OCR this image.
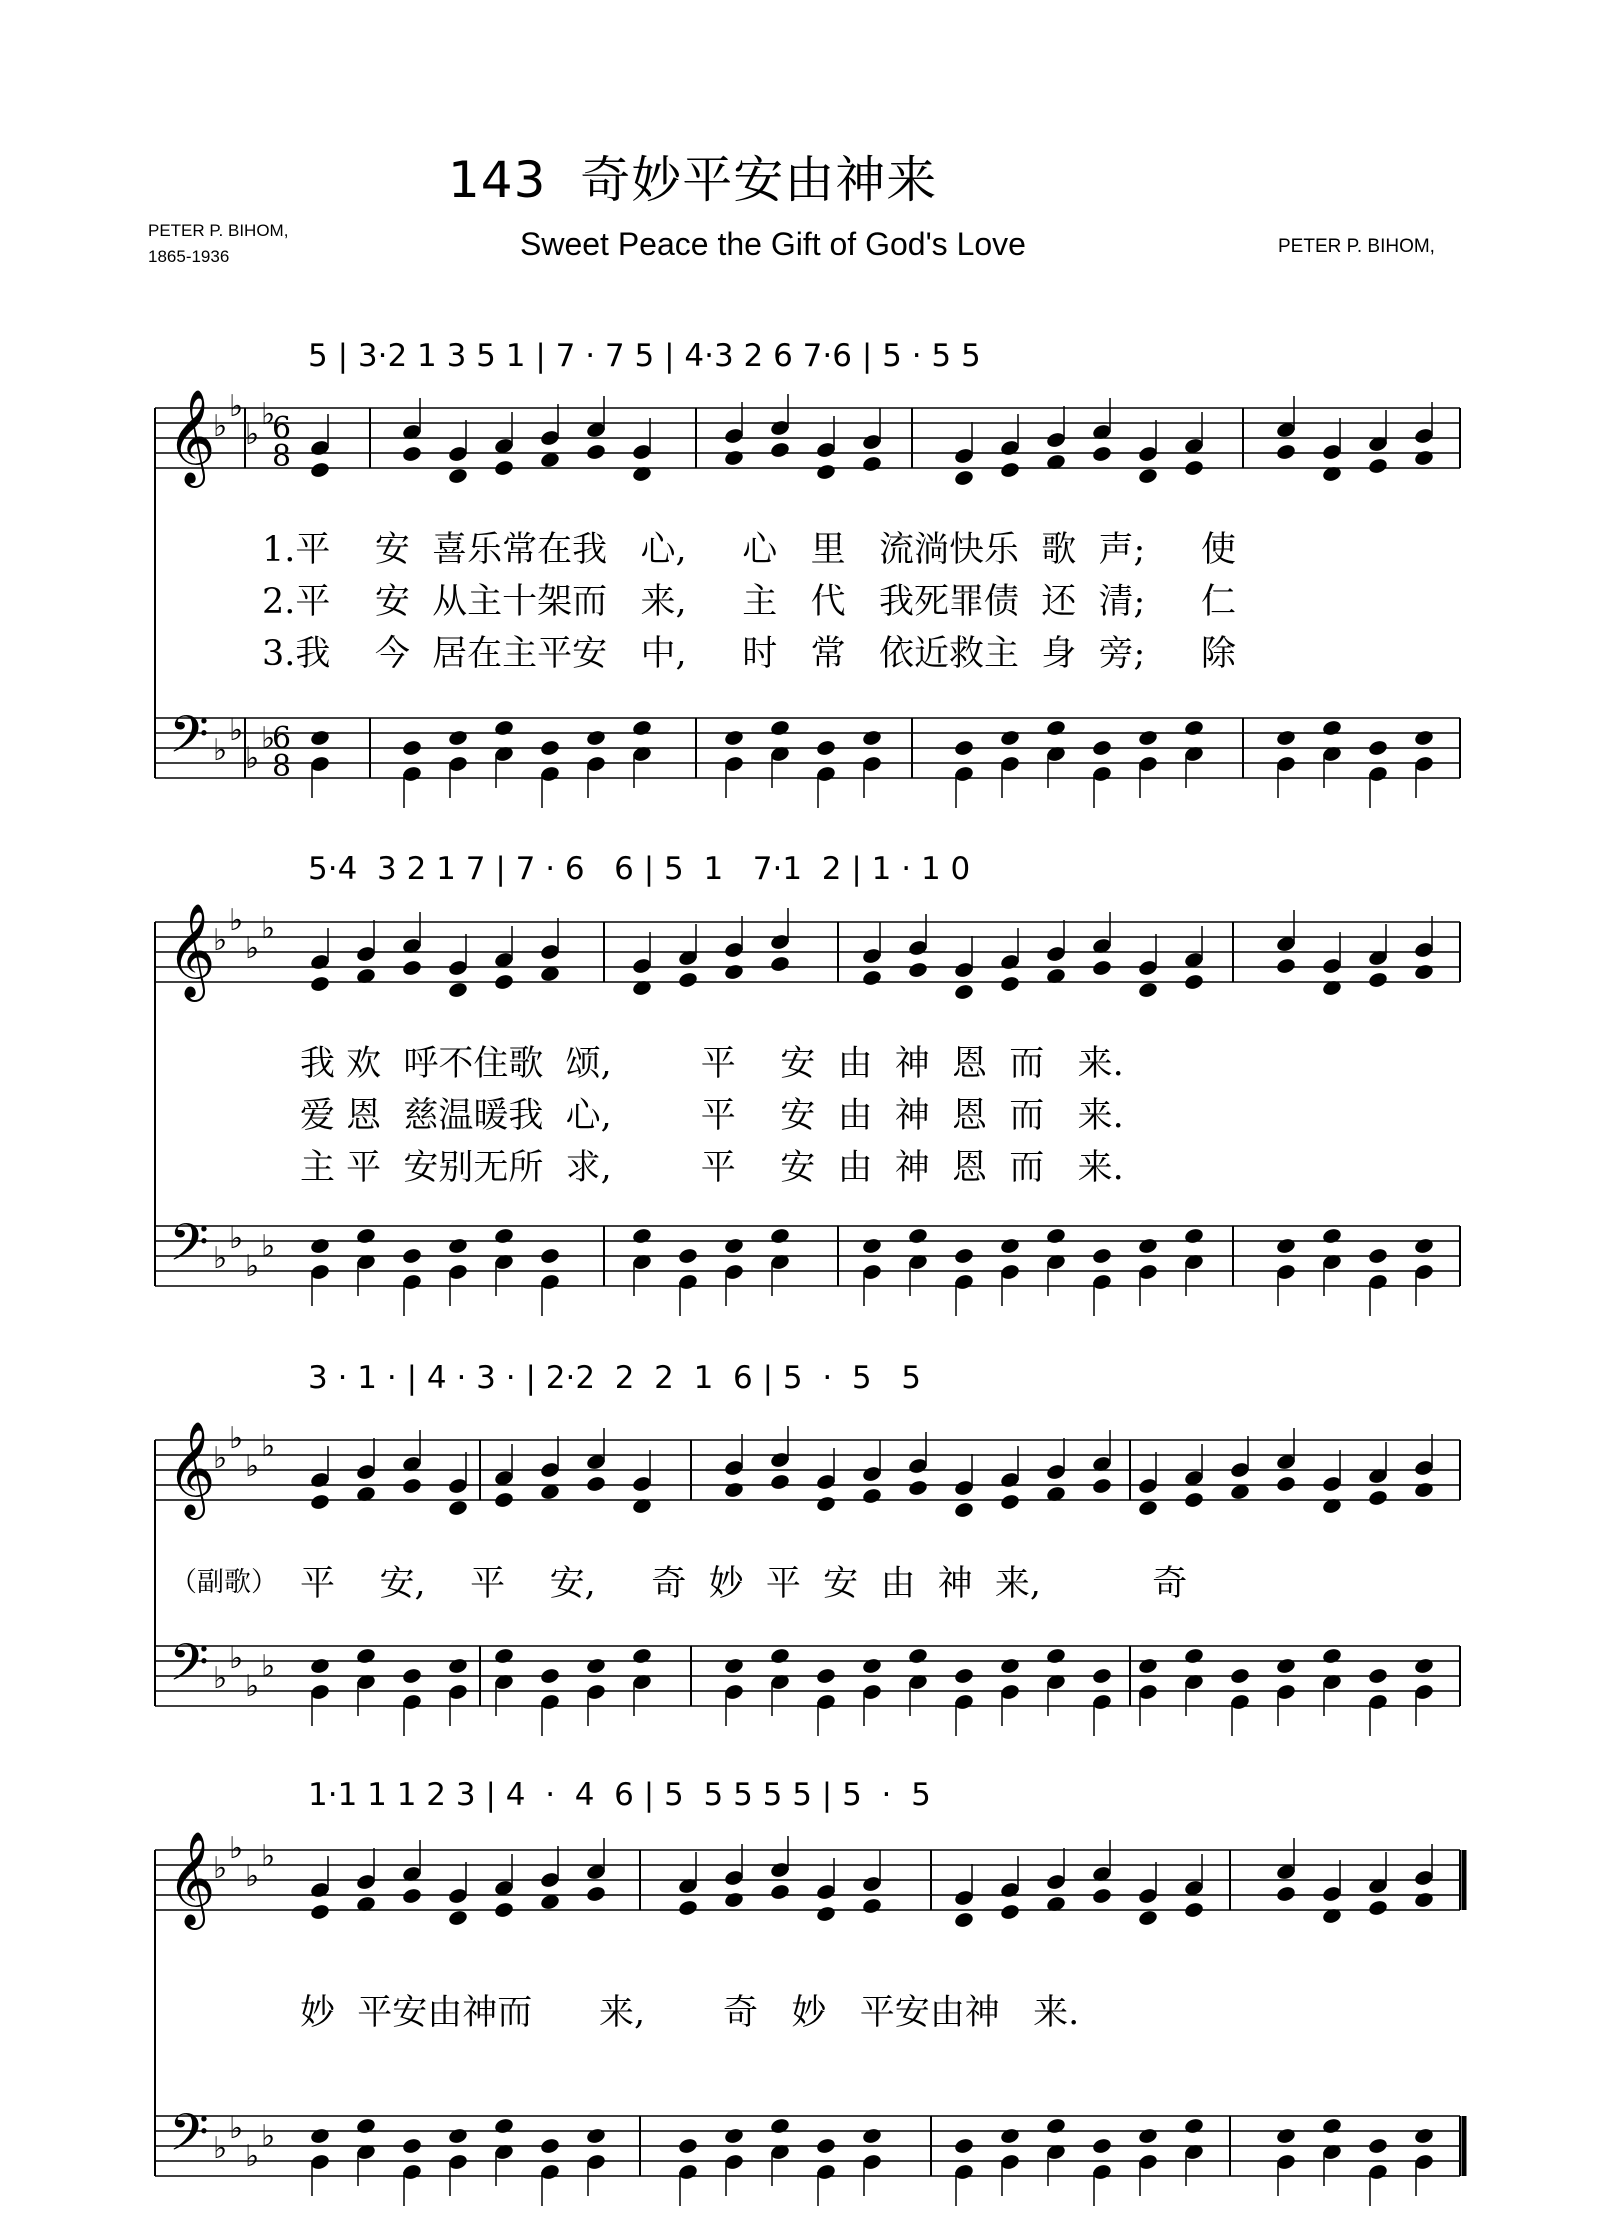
143 奇妙平安由神来
Sweet Peace the Gift of God's Love
PETER P. BIHOM,
1865-1936	PETER P. BIHOM,
5 | 3·2 1 3 5 1 | 7 · 7 5 | 4·3 2 6 7·6 | 5 · 5 5
5·4  3 2 1 7 | 7 · 6   6 | 5  1   7·1  2 | 1 · 1 0
3 · 1 · | 4 · 3 · | 2·2  2  2  1  6 | 5  ·  5   5
1·1 1 1 2 3 | 4  ·  4  6 | 5  5 5 5 5 | 5  ·  5
1.平    安  喜乐常在我   心,     心   里   流淌快乐  歌  声;     使
2.平    安  从主十架而   来,     主   代   我死罪债  还  清;     仁
3.我    今  居在主平安   中,     时   常   依近救主  身  旁;     除
我 欢  呼不住歌  颂,        平    安  由  神  恩  而   来.
爱 恩  慈温暖我  心,        平    安  由  神  恩  而   来.
主 平  安别无所  求,        平    安  由  神  恩  而   来.
（副歌） 平    安,    平    安,     奇  妙  平  安  由  神  来,          奇
妙  平安由神而      来,       奇   妙   平安由神   来.
𝄞
𝄢
♭
♭
♭
♭
♭
♭
♭
♭
6
8
6
8
𝄞
𝄢
♭
♭
♭
♭
♭
♭
♭
♭
𝄞
𝄢
♭
♭
♭
♭
♭
♭
♭
♭
𝄞
𝄢
♭
♭
♭
♭
♭
♭
♭
♭
